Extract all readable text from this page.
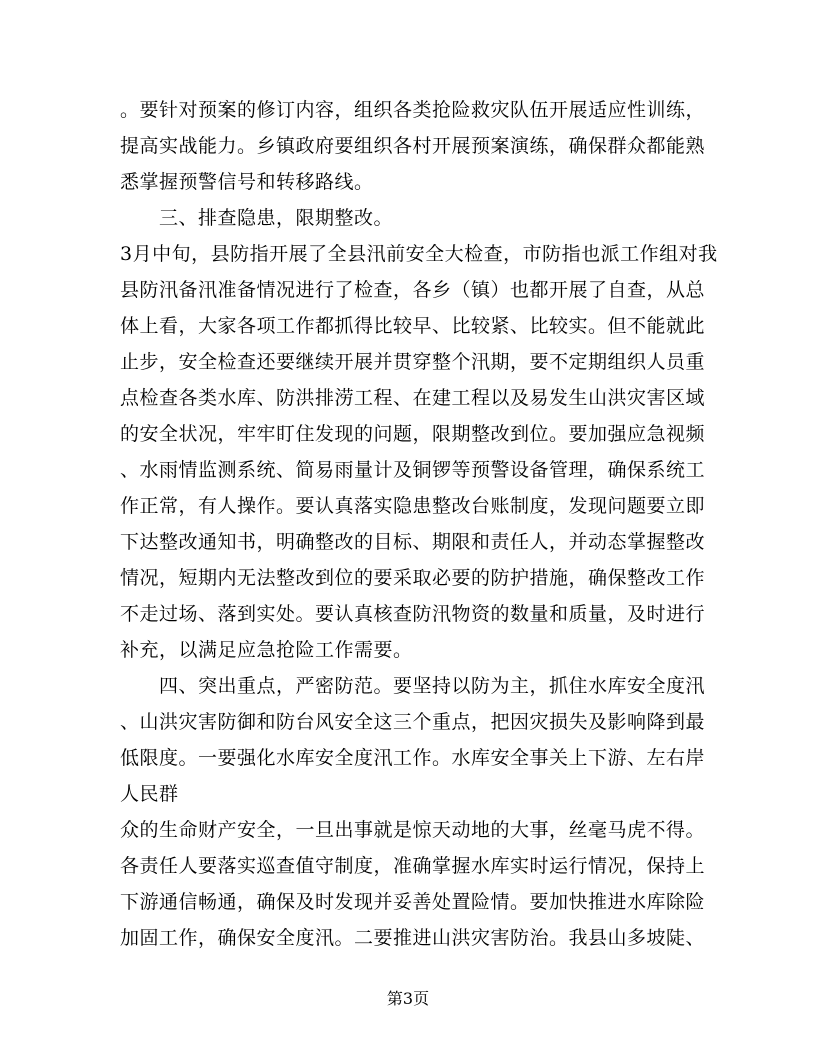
。要针对预案的修订内容，组织各类抢险救灾队伍开展适应性训练，
提高实战能力。乡镇政府要组织各村开展预案演练，确保群众都能熟
悉掌握预警信号和转移路线。
　　三、排查隐患，限期整改。
3月中旬，县防指开展了全县汛前安全大检查，市防指也派工作组对我
县防汛备汛准备情况进行了检查，各乡（镇）也都开展了自查，从总
体上看，大家各项工作都抓得比较早、比较紧、比较实。但不能就此
止步，安全检查还要继续开展并贯穿整个汛期，要不定期组织人员重
点检查各类水库、防洪排涝工程、在建工程以及易发生山洪灾害区域
的安全状况，牢牢盯住发现的问题，限期整改到位。要加强应急视频
、水雨情监测系统、简易雨量计及铜锣等预警设备管理，确保系统工
作正常，有人操作。要认真落实隐患整改台账制度，发现问题要立即
下达整改通知书，明确整改的目标、期限和责任人，并动态掌握整改
情况，短期内无法整改到位的要采取必要的防护措施，确保整改工作
不走过场、落到实处。要认真核查防汛物资的数量和质量，及时进行
补充，以满足应急抢险工作需要。
　　四、突出重点，严密防范。要坚持以防为主，抓住水库安全度汛
、山洪灾害防御和防台风安全这三个重点，把因灾损失及影响降到最
低限度。一要强化水库安全度汛工作。水库安全事关上下游、左右岸
人民群
众的生命财产安全，一旦出事就是惊天动地的大事，丝毫马虎不得。
各责任人要落实巡查值守制度，准确掌握水库实时运行情况，保持上
下游通信畅通，确保及时发现并妥善处置险情。要加快推进水库除险
加固工作，确保安全度汛。二要推进山洪灾害防治。我县山多坡陡、
第3页
